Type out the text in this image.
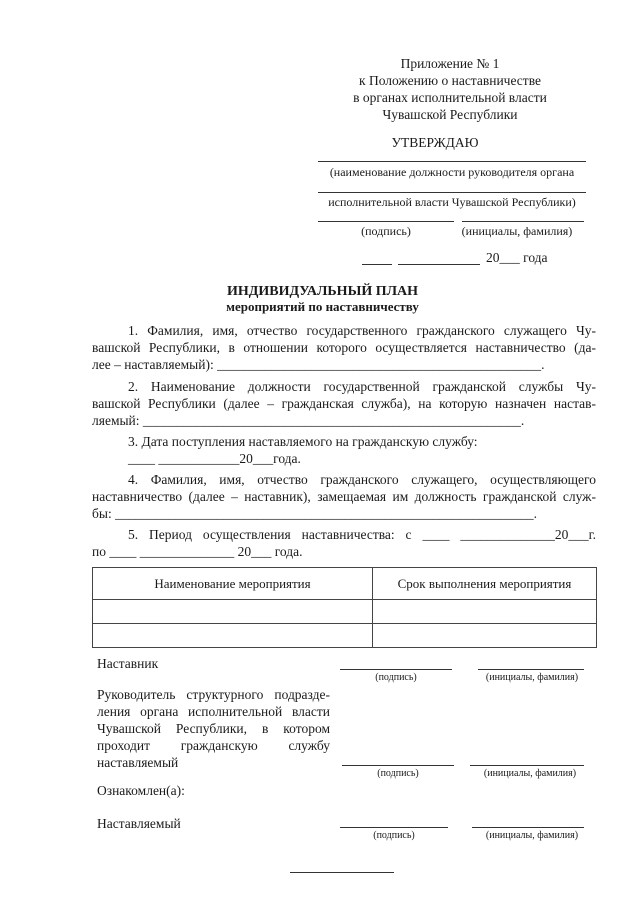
Приложение № 1
к Положению о наставничестве
в органах исполнительной власти
Чувашской Республики
УТВЕРЖДАЮ
(наименование должности руководителя органа
исполнительной власти Чувашской Республики)
(подпись)	(инициалы, фамилия)
20___ года
ИНДИВИДУАЛЬНЫЙ ПЛАН
мероприятий по наставничеству
1. Фамилия, имя, отчество государственного гражданского служащего Чу-
вашской Республики, в отношении которого осуществляется наставничество (да-
лее – наставляемый): ________________________________________________.
2. Наименование должности государственной гражданской службы Чу-
вашской Республики (далее – гражданская служба), на которую назначен настав-
ляемый: ________________________________________________________.
3. Дата поступления наставляемого на гражданскую службу:
____ ____________20___года.
4. Фамилия, имя, отчество гражданского служащего, осуществляющего
наставничество (далее – наставник), замещаемая им должность гражданской служ-
бы: ______________________________________________________________.
5. Период осуществления наставничества: с ____ ______________20___г.
по ____ ______________ 20___ года.
Наименование мероприятия	Срок выполнения мероприятия

Наставник
(подпись)	(инициалы, фамилия)
Руководитель структурного подразде-
ления органа исполнительной власти
Чувашской Республики, в котором
проходит гражданскую службу
наставляемый
(подпись)	(инициалы, фамилия)
Ознакомлен(а):
Наставляемый
(подпись)	(инициалы, фамилия)
